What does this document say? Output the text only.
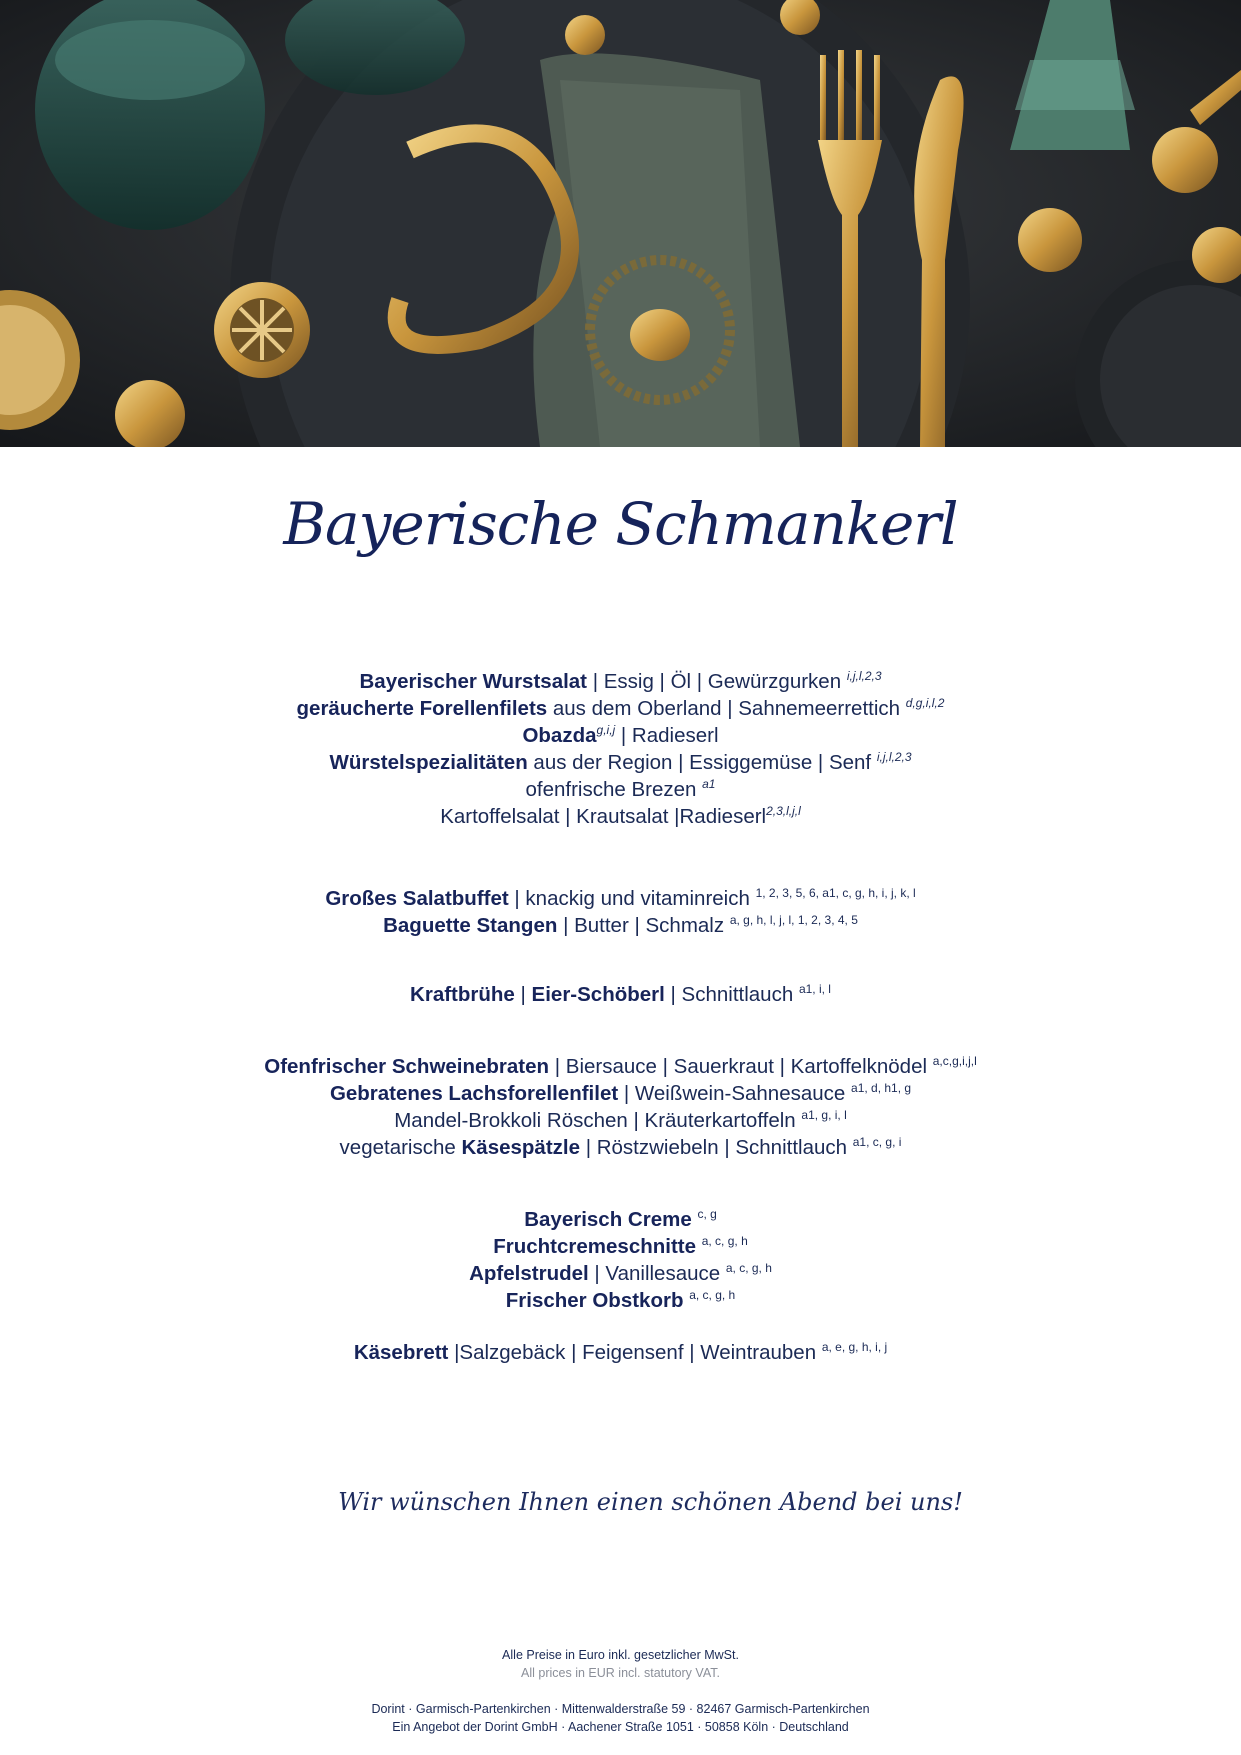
Bayerische Schmankerl
Bayerischer Wurstsalat | Essig | Öl | Gewürzgurken $^{i,j,l,2,3}$
geräucherte Forellenfilets aus dem Oberland | Sahnemeerrettich $^{d,g,i,l,2}$
Obazda$^{g,i,j}$ | Radieserl
Würstelspezialitäten aus der Region | Essiggemüse | Senf $^{i,j,l,2,3}$
ofenfrische Brezen $^{a1}$
Kartoffelsalat | Krautsalat |Radieserl$^{2,3,l,j,l}$
Großes Salatbuffet | knackig und vitaminreich $^{1, 2, 3, 5, 6, a1, c, g, h, i, j, k, l}$
Baguette Stangen | Butter | Schmalz $^{a, g, h, l, j, l, 1, 2, 3, 4, 5}$
Kraftbrühe | Eier-Schöberl | Schnittlauch $^{a1, i, l}$
Ofenfrischer Schweinebraten | Biersauce | Sauerkraut | Kartoffelknödel $^{a,c,g,i,j,l}$
Gebratenes Lachsforellenfilet | Weißwein-Sahnesauce $^{a1, d, h1, g}$
Mandel-Brokkoli Röschen | Kräuterkartoffeln $^{a1, g, i, l}$
vegetarische Käsespätzle | Röstzwiebeln | Schnittlauch $^{a1, c, g, i}$
Bayerisch Creme $^{c, g}$
Fruchtcremeschnitte $^{a, c, g, h}$
Apfelstrudel | Vanillesauce $^{a, c, g, h}$
Frischer Obstkorb $^{a, c, g, h}$
Käsebrett |Salzgebäck | Feigensenf | Weintrauben $^{a, e, g, h, i, j}$
Wir wünschen Ihnen einen schönen Abend bei uns!
Alle Preise in Euro inkl. gesetzlicher MwSt.
All prices in EUR incl. statutory VAT.
Dorint · Garmisch-Partenkirchen · Mittenwalderstraße 59 · 82467 Garmisch-Partenkirchen
Ein Angebot der Dorint GmbH · Aachener Straße 1051 · 50858 Köln · Deutschland
